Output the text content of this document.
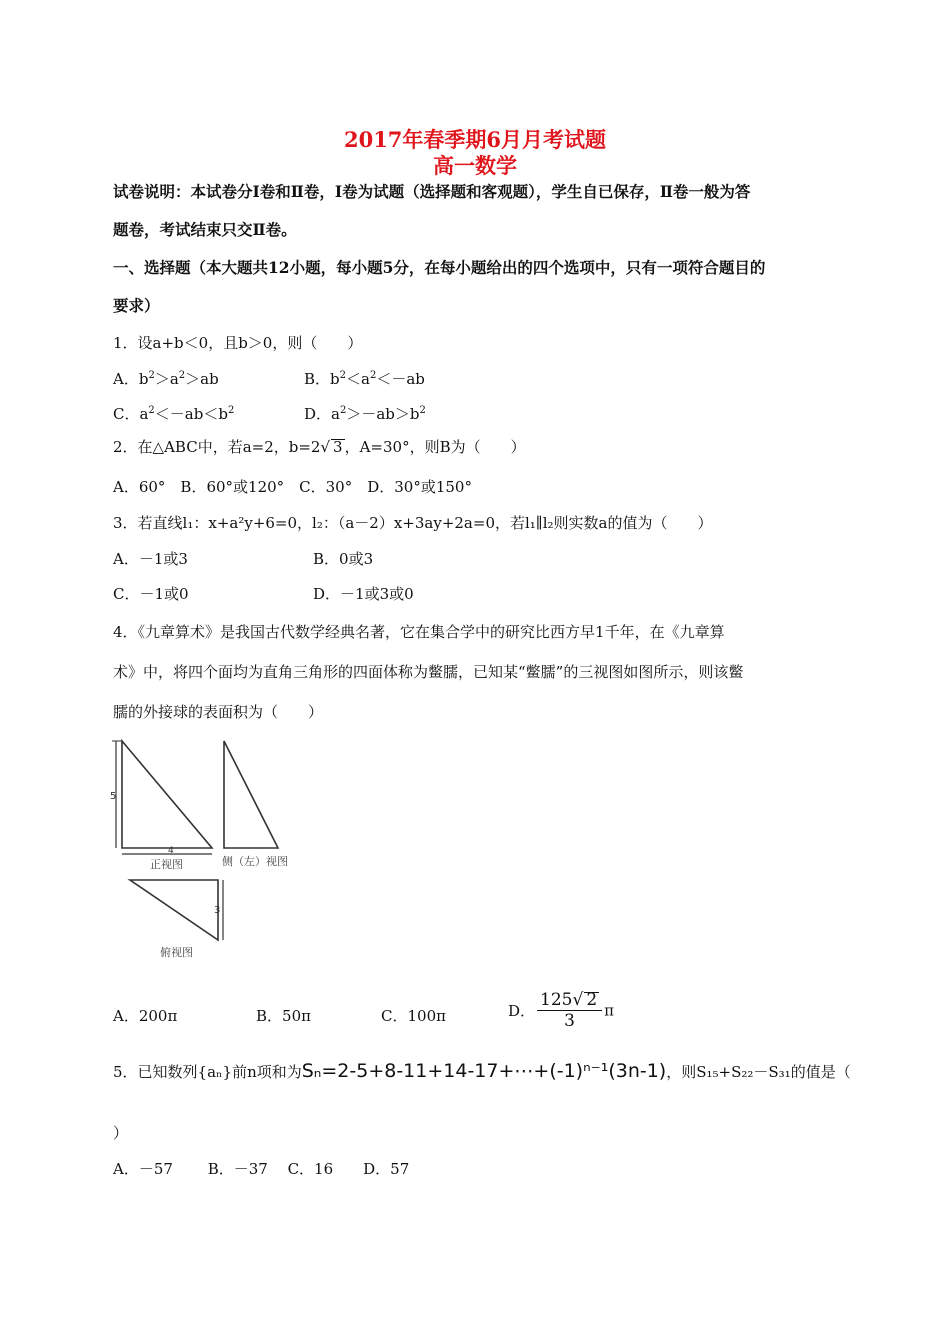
2017年春季期6月月考试题
高一数学
试卷说明：本试卷分Ⅰ卷和Ⅱ卷，Ⅰ卷为试题（选择题和客观题），学生自已保存，Ⅱ卷一般为答
题卷，考试结束只交Ⅱ卷。
一、选择题（本大题共12小题，每小题5分，在每小题给出的四个选项中，只有一项符合题目的
要求）
1．设a+b＜0，且b＞0，则（　　）
A．$b^2>a^2>ab$	B．$b^2<a^2<-ab$
C．$a^2<-ab<b^2$	D．$a^2>-ab>b^2$
2．在△ABC中，若a=2，b=2√ 3 ，A=30°，则B为（　　）
A．60°　B．60°或120°　C．30°　D．30°或150°
3．若直线l₁：x+a²y+6=0，l₂：（a－2）x+3ay+2a=0，若l₁∥l₂则实数a的值为（　　）
A．－1或3	B．0或3
C．－1或0	D．－1或3或0
4．《九章算术》是我国古代数学经典名著，它在集合学中的研究比西方早1千年，在《九章算
术》中，将四个面均为直角三角形的四面体称为鳖臑，已知某“鳖臑”的三视图如图所示，则该鳖
臑的外接球的表面积为（　　）
5
4
3
正视图	侧（左）视图
俯视图
A．200π	B．50π	C．100π	D． $\frac{125√ 2}{3}$ π
5．已知数列{aₙ}前n项和为Sₙ=2-5+8-11+14-17+⋯+(-1)ⁿ⁻¹(3n-1)，则S₁₅+S₂₂－S₃₁的值是（
）
A．－57　　 B．－37　 C．16　　D．57
